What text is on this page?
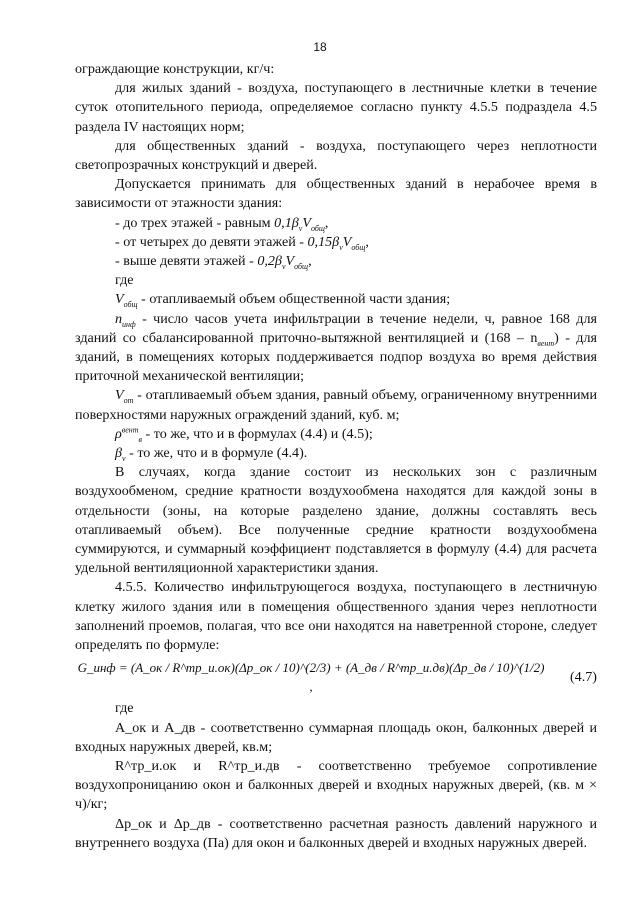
18

ограждающие конструкции, кг/ч:

для жилых зданий - воздуха, поступающего в лестничные клетки в течение суток отопительного периода, определяемое согласно пункту 4.5.5 подраздела 4.5 раздела IV настоящих норм;

для общественных зданий - воздуха, поступающего через неплотности светопрозрачных конструкций и дверей.

Допускается принимать для общественных зданий в нерабочее время в зависимости от этажности здания:

- до трех этажей - равным $0,1\beta_vV_{общ}$,

- от четырех до девяти этажей - $0,15\beta_vV_{общ}$,

- выше девяти этажей - $0,2\beta_vV_{общ}$,

где

$V_{общ}$ - отапливаемый объем общественной части здания;

$n_{инф}$ - число часов учета инфильтрации в течение недели, ч, равное 168 для зданий со сбалансированной приточно-вытяжной вентиляцией и $(168 - n_{вент})$ - для зданий, в помещениях которых поддерживается подпор воздуха во время действия приточной механической вентиляции;

$V_{от}$ - отапливаемый объем здания, равный объему, ограниченному внутренними поверхностями наружных ограждений зданий, куб. м;

$\rho^{вент}_в$ - то же, что и в формулах (4.4) и (4.5);

$\beta_v$ - то же, что и в формуле (4.4).

В случаях, когда здание состоит из нескольких зон с различным воздухообменом, средние кратности воздухообмена находятся для каждой зоны в отдельности (зоны, на которые разделено здание, должны составлять весь отапливаемый объем). Все полученные средние кратности воздухообмена суммируются, и суммарный коэффициент подставляется в формулу (4.4) для расчета удельной вентиляционной характеристики здания.

4.5.5. Количество инфильтрующегося воздуха, поступающего в лестничную клетку жилого здания или в помещения общественного здания через неплотности заполнений проемов, полагая, что все они находятся на наветренной стороне, следует определять по формуле:

G_инф = (A_ок / R^тр_и.ок)(Δp_ок / 10)^(2/3) + (A_дв / R^тр_и.дв)(Δp_дв / 10)^(1/2) ,
(4.7)

где

A_ок и A_дв - соответственно суммарная площадь окон, балконных дверей и входных наружных дверей, кв.м;

R^тр_и.ок и R^тр_и.дв - соответственно требуемое сопротивление воздухопроницанию окон и балконных дверей и входных наружных дверей, (кв. м × ч)/кг;

Δp_ок и Δp_дв - соответственно расчетная разность давлений наружного и внутреннего воздуха (Па) для окон и балконных дверей и входных наружных дверей.
